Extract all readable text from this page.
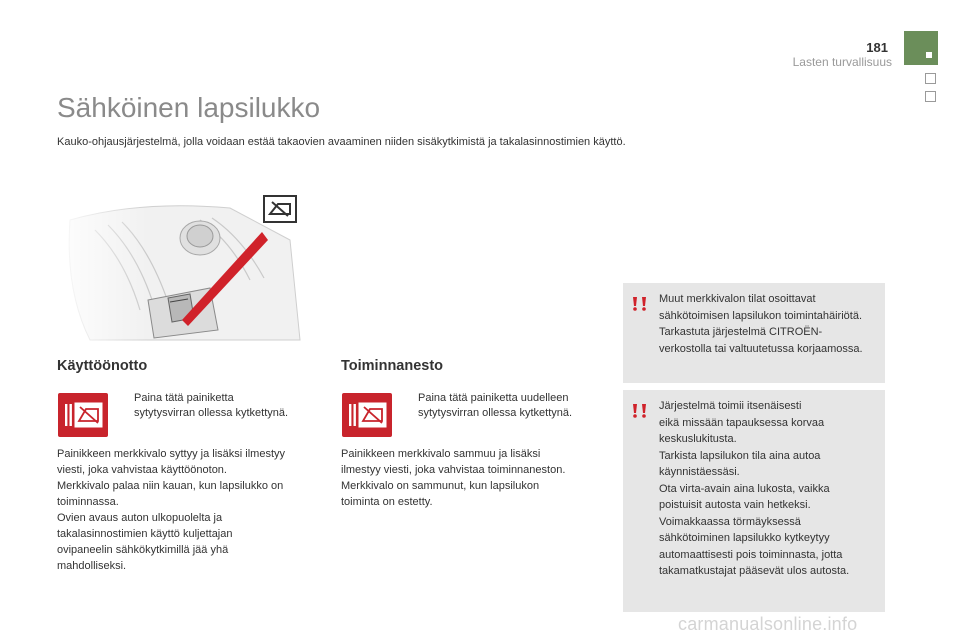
181
Lasten turvallisuus
Sähköinen lapsilukko
Kauko-ohjausjärjestelmä, jolla voidaan estää takaovien avaaminen niiden sisäkytkimistä ja takalasinnostimien käyttö.
Käyttöönotto
Paina tätä painiketta
sytytysvirran ollessa kytkettynä.
Painikkeen merkkivalo syttyy ja lisäksi ilmestyy
viesti, joka vahvistaa käyttöönoton.
Merkkivalo palaa niin kauan, kun lapsilukko on
toiminnassa.
Ovien avaus auton ulkopuolelta ja
takalasinnostimien käyttö kuljettajan
ovipaneelin sähkökytkimillä jää yhä
mahdolliseksi.
Toiminnanesto
Paina tätä painiketta uudelleen
sytytysvirran ollessa kytkettynä.
Painikkeen merkkivalo sammuu ja lisäksi
ilmestyy viesti, joka vahvistaa toiminnaneston.
Merkkivalo on sammunut, kun lapsilukon
toiminta on estetty.
Muut merkkivalon tilat osoittavat
sähkötoimisen lapsilukon toimintahäiriötä.
Tarkastuta järjestelmä CITROËN-
verkostolla tai valtuutetussa korjaamossa.
Järjestelmä toimii itsenäisesti
eikä missään tapauksessa korvaa
keskuslukitusta.
Tarkista lapsilukon tila aina autoa
käynnistäessäsi.
Ota virta-avain aina lukosta, vaikka
poistuisit autosta vain hetkeksi.
Voimakkaassa törmäyksessä
sähkötoiminen lapsilukko kytkeytyy
automaattisesti pois toiminnasta, jotta
takamatkustajat pääsevät ulos autosta.
carmanualsonline.info
